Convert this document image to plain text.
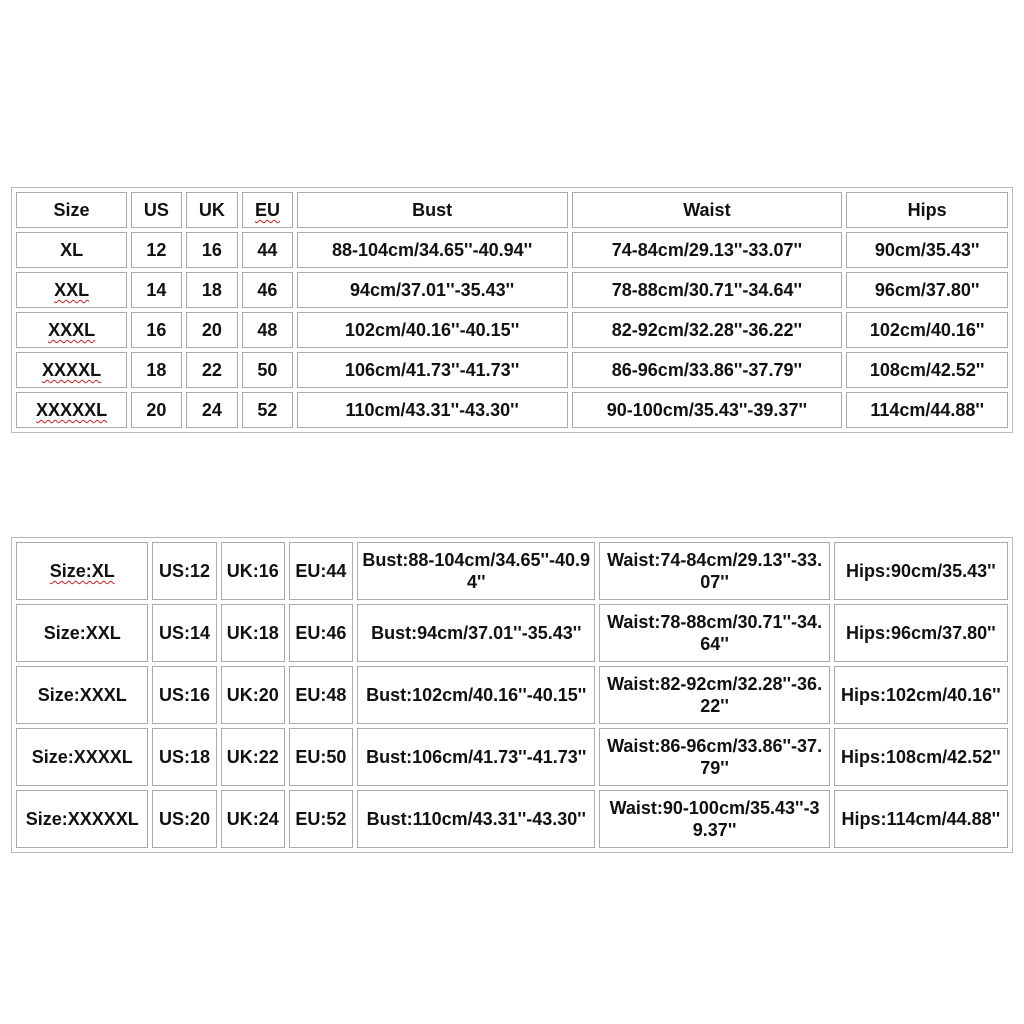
Size	US	UK	EU	Bust	Waist	Hips
XL	12	16	44	88-104cm/34.65''-40.94''	74-84cm/29.13''-33.07''	90cm/35.43''
XXL	14	18	46	94cm/37.01''-35.43''	78-88cm/30.71''-34.64''	96cm/37.80''
XXXL	16	20	48	102cm/40.16''-40.15''	82-92cm/32.28''-36.22''	102cm/40.16''
XXXXL	18	22	50	106cm/41.73''-41.73''	86-96cm/33.86''-37.79''	108cm/42.52''
XXXXXL	20	24	52	110cm/43.31''-43.30''	90-100cm/35.43''-39.37''	114cm/44.88''
Size:XL	US:12	UK:16	EU:44	Bust:88-104cm/34.65''-40.94''	Waist:74-84cm/29.13''-33.07''	Hips:90cm/35.43''
Size:XXL	US:14	UK:18	EU:46	Bust:94cm/37.01''-35.43''	Waist:78-88cm/30.71''-34.64''	Hips:96cm/37.80''
Size:XXXL	US:16	UK:20	EU:48	Bust:102cm/40.16''-40.15''	Waist:82-92cm/32.28''-36.22''	Hips:102cm/40.16''
Size:XXXXL	US:18	UK:22	EU:50	Bust:106cm/41.73''-41.73''	Waist:86-96cm/33.86''-37.79''	Hips:108cm/42.52''
Size:XXXXXL	US:20	UK:24	EU:52	Bust:110cm/43.31''-43.30''	Waist:90-100cm/35.43''-39.37''	Hips:114cm/44.88''
